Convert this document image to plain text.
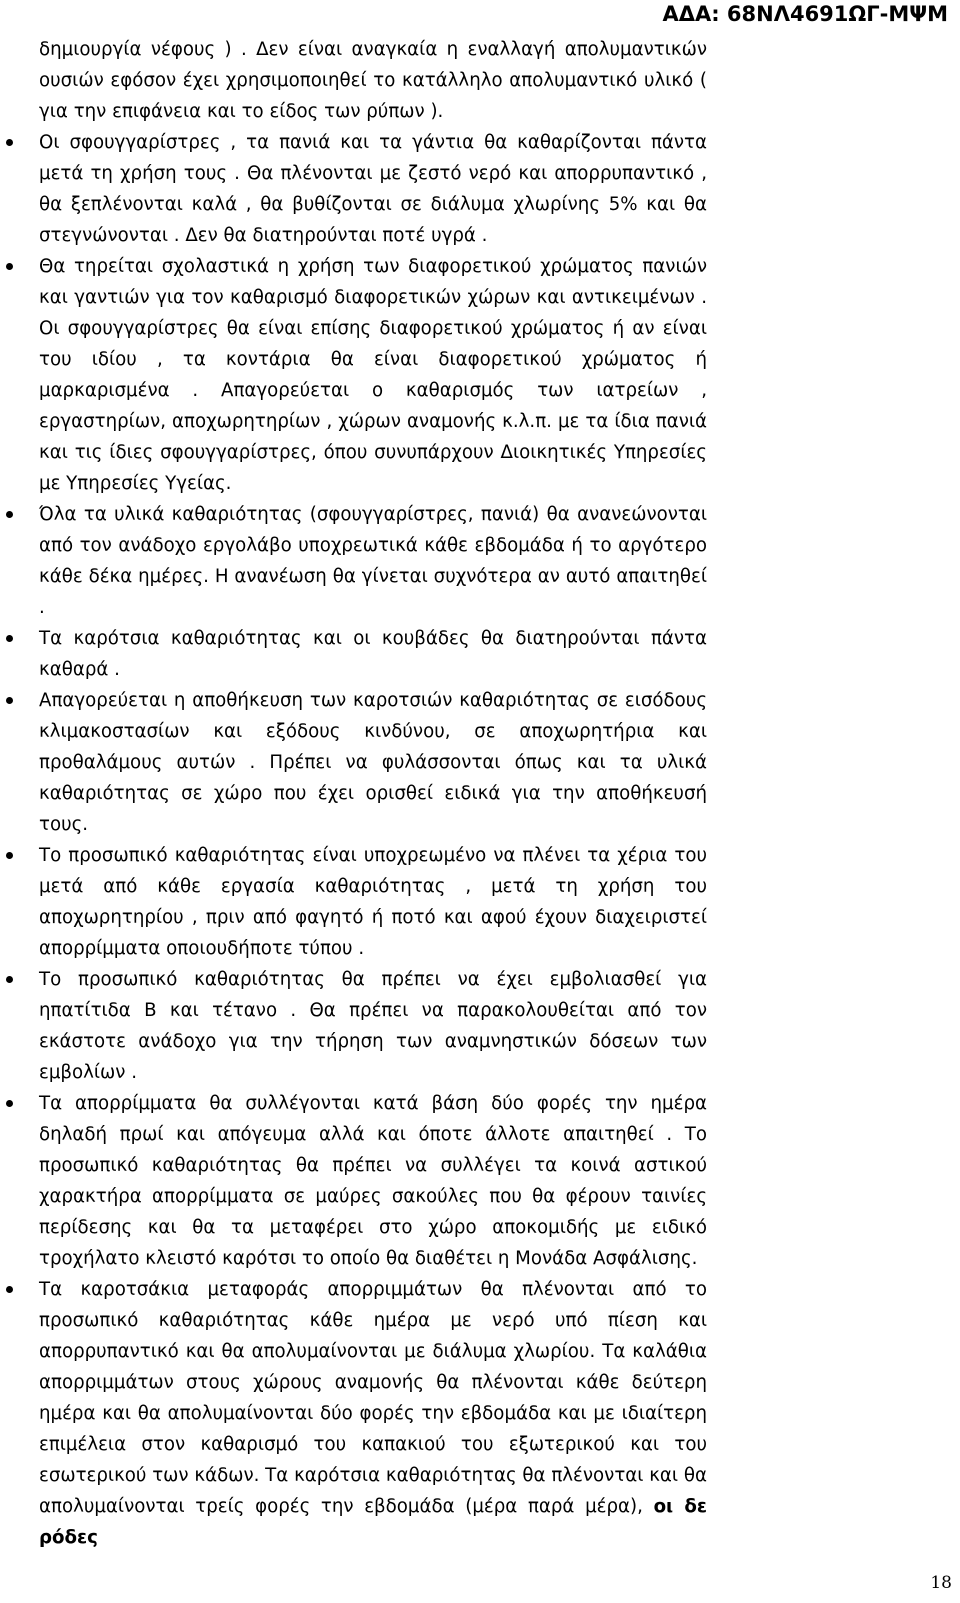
ΑΔΑ: 68ΝΛ4691ΩΓ-ΜΨΜ

δημιουργία νέφους ) . Δεν είναι αναγκαία η εναλλαγή απολυμαντικών ουσιών εφόσον έχει χρησιμοποιηθεί το κατάλληλο απολυμαντικό υλικό ( για την επιφάνεια και το είδος των ρύπων ).

Οι σφουγγαρίστρες , τα πανιά και τα γάντια θα καθαρίζονται πάντα μετά τη χρήση τους . Θα πλένονται με ζεστό νερό και απορρυπαντικό , θα ξεπλένονται καλά , θα βυθίζονται σε διάλυμα χλωρίνης 5% και θα στεγνώνονται . Δεν θα διατηρούνται ποτέ υγρά .
Θα τηρείται σχολαστικά η χρήση των διαφορετικού χρώματος πανιών και γαντιών για τον καθαρισμό διαφορετικών χώρων και αντικειμένων . Οι σφουγγαρίστρες θα είναι επίσης διαφορετικού χρώματος ή αν είναι του ιδίου , τα κοντάρια θα είναι διαφορετικού χρώματος ή μαρκαρισμένα . Απαγορεύεται ο καθαρισμός των ιατρείων , εργαστηρίων, αποχωρητηρίων , χώρων αναμονής κ.λ.π. με τα ίδια πανιά και τις ίδιες σφουγγαρίστρες, όπου συνυπάρχουν Διοικητικές Υπηρεσίες με Υπηρεσίες Υγείας.
Όλα τα υλικά καθαριότητας (σφουγγαρίστρες, πανιά) θα ανανεώνονται από τον ανάδοχο εργολάβο υποχρεωτικά κάθε εβδομάδα ή το αργότερο κάθε δέκα ημέρες. Η ανανέωση θα γίνεται συχνότερα αν αυτό απαιτηθεί .
Τα καρότσια καθαριότητας και οι κουβάδες θα διατηρούνται πάντα καθαρά .
Απαγορεύεται η αποθήκευση των καροτσιών καθαριότητας σε εισόδους κλιμακοστασίων και εξόδους κινδύνου, σε αποχωρητήρια και προθαλάμους αυτών . Πρέπει να φυλάσσονται όπως και τα υλικά καθαριότητας σε χώρο που έχει ορισθεί ειδικά για την αποθήκευσή τους.
Το προσωπικό καθαριότητας είναι υποχρεωμένο να πλένει τα χέρια του μετά από κάθε εργασία καθαριότητας , μετά τη χρήση του αποχωρητηρίου , πριν από φαγητό ή ποτό και αφού έχουν διαχειριστεί απορρίμματα οποιουδήποτε τύπου .
Το προσωπικό καθαριότητας θα πρέπει να έχει εμβολιασθεί για ηπατίτιδα Β και τέτανο . Θα πρέπει να παρακολουθείται από τον εκάστοτε ανάδοχο για την τήρηση των αναμνηστικών δόσεων των εμβολίων .
Τα απορρίμματα θα συλλέγονται κατά βάση δύο φορές την ημέρα δηλαδή πρωί και απόγευμα αλλά και όποτε άλλοτε απαιτηθεί . Το προσωπικό καθαριότητας θα πρέπει να συλλέγει τα κοινά αστικού χαρακτήρα απορρίμματα σε μαύρες σακούλες που θα φέρουν ταινίες περίδεσης και θα τα μεταφέρει στο χώρο αποκομιδής με ειδικό τροχήλατο κλειστό καρότσι το οποίο θα διαθέτει η Μονάδα Ασφάλισης.
Τα καροτσάκια μεταφοράς απορριμμάτων θα πλένονται από το προσωπικό καθαριότητας κάθε ημέρα με νερό υπό πίεση και απορρυπαντικό και θα απολυμαίνονται με διάλυμα χλωρίου. Τα καλάθια απορριμμάτων στους χώρους αναμονής θα πλένονται κάθε δεύτερη ημέρα και θα απολυμαίνονται δύο φορές την εβδομάδα και με ιδιαίτερη επιμέλεια στον καθαρισμό του καπακιού του εξωτερικού και του εσωτερικού των κάδων. Τα καρότσια καθαριότητας θα πλένονται και θα απολυμαίνονται τρείς φορές την εβδομάδα (μέρα παρά μέρα), οι δε ρόδες
18
